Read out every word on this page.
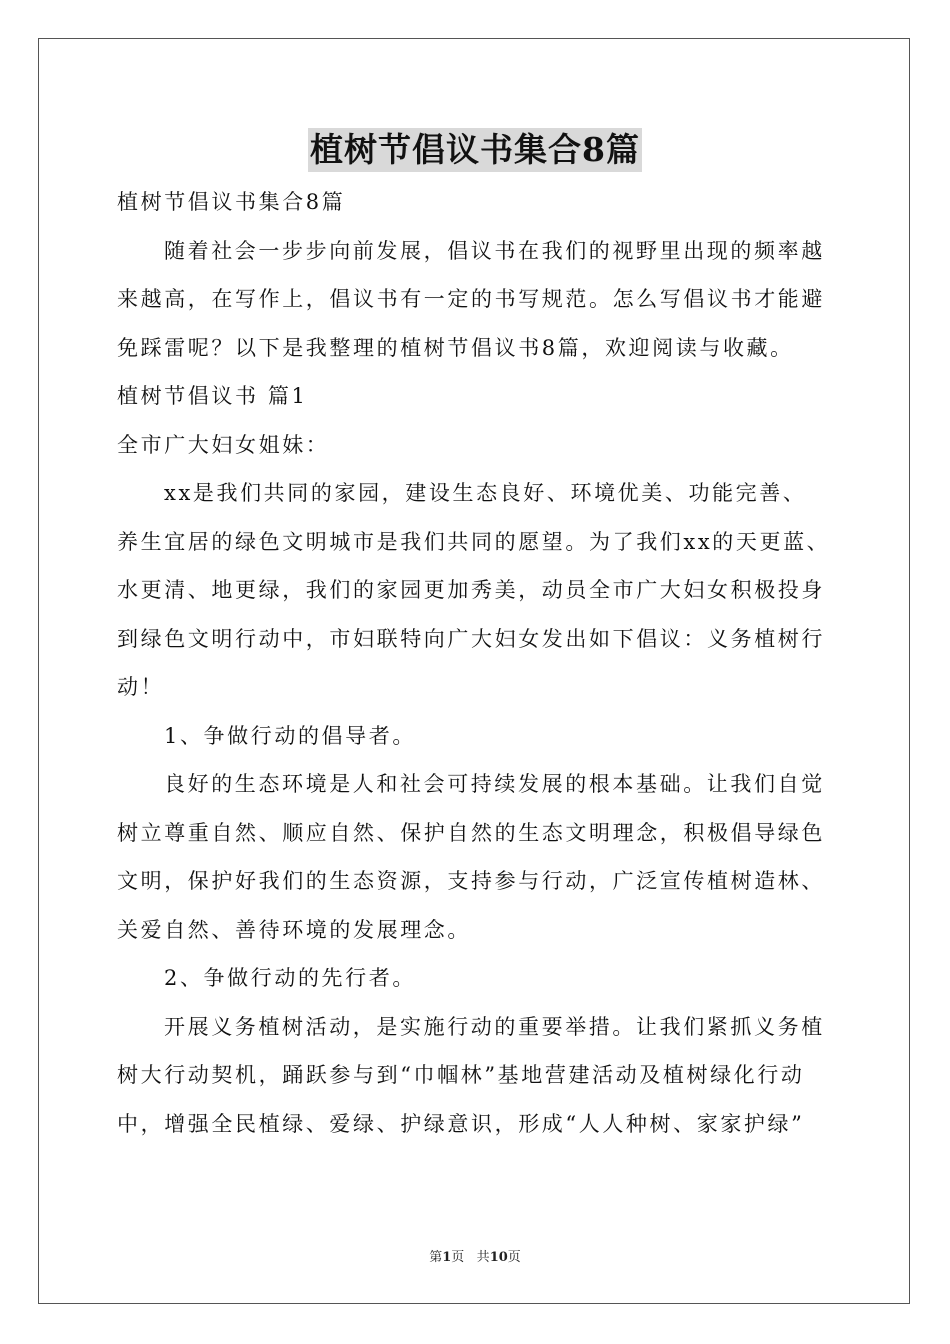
植树节倡议书集合8篇

植树节倡议书集合8篇

随着社会一步步向前发展，倡议书在我们的视野里出现的频率越

来越高，在写作上，倡议书有一定的书写规范。怎么写倡议书才能避

免踩雷呢？以下是我整理的植树节倡议书8篇，欢迎阅读与收藏。

植树节倡议书 篇1

全市广大妇女姐妹：

xx是我们共同的家园，建设生态良好、环境优美、功能完善、

养生宜居的绿色文明城市是我们共同的愿望。为了我们xx的天更蓝、

水更清、地更绿，我们的家园更加秀美，动员全市广大妇女积极投身

到绿色文明行动中，市妇联特向广大妇女发出如下倡议：义务植树行

动！

1、争做行动的倡导者。

良好的生态环境是人和社会可持续发展的根本基础。让我们自觉

树立尊重自然、顺应自然、保护自然的生态文明理念，积极倡导绿色

文明，保护好我们的生态资源，支持参与行动，广泛宣传植树造林、

关爱自然、善待环境的发展理念。

2、争做行动的先行者。

开展义务植树活动，是实施行动的重要举措。让我们紧抓义务植

树大行动契机，踊跃参与到“巾帼林”基地营建活动及植树绿化行动

中，增强全民植绿、爱绿、护绿意识，形成“人人种树、家家护绿”

第1页 共10页
